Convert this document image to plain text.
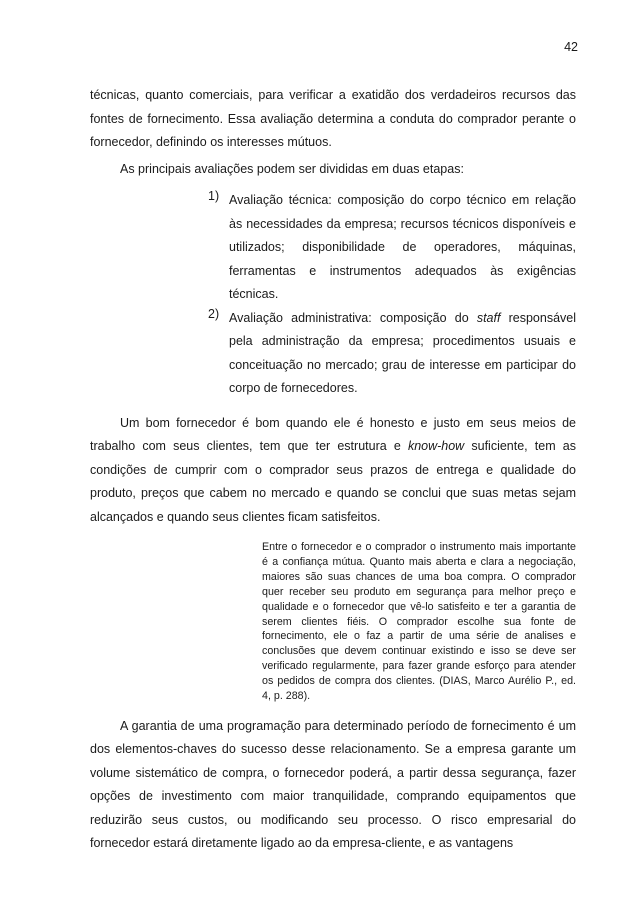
42

técnicas, quanto comerciais, para verificar a exatidão dos verdadeiros recursos das fontes de fornecimento. Essa avaliação determina a conduta do comprador perante o fornecedor, definindo os interesses mútuos.

As principais avaliações podem ser divididas em duas etapas:

1) Avaliação técnica: composição do corpo técnico em relação às necessidades da empresa; recursos técnicos disponíveis e utilizados; disponibilidade de operadores, máquinas, ferramentas e instrumentos adequados às exigências técnicas.

2) Avaliação administrativa: composição do staff responsável pela administração da empresa; procedimentos usuais e conceituação no mercado; grau de interesse em participar do corpo de fornecedores.

Um bom fornecedor é bom quando ele é honesto e justo em seus meios de trabalho com seus clientes, tem que ter estrutura e know-how suficiente, tem as condições de cumprir com o comprador seus prazos de entrega e qualidade do produto, preços que cabem no mercado e quando se conclui que suas metas sejam alcançados e quando seus clientes ficam satisfeitos.

Entre o fornecedor e o comprador o instrumento mais importante é a confiança mútua. Quanto mais aberta e clara a negociação, maiores são suas chances de uma boa compra. O comprador quer receber seu produto em segurança para melhor preço e qualidade e o fornecedor que vê-lo satisfeito e ter a garantia de serem clientes fiéis. O comprador escolhe sua fonte de fornecimento, ele o faz a partir de uma série de analises e conclusões que devem continuar existindo e isso se deve ser verificado regularmente, para fazer grande esforço para atender os pedidos de compra dos clientes. (DIAS, Marco Aurélio P., ed. 4, p. 288).

A garantia de uma programação para determinado período de fornecimento é um dos elementos-chaves do sucesso desse relacionamento. Se a empresa garante um volume sistemático de compra, o fornecedor poderá, a partir dessa segurança, fazer opções de investimento com maior tranquilidade, comprando equipamentos que reduzirão seus custos, ou modificando seu processo. O risco empresarial do fornecedor estará diretamente ligado ao da empresa-cliente, e as vantagens
